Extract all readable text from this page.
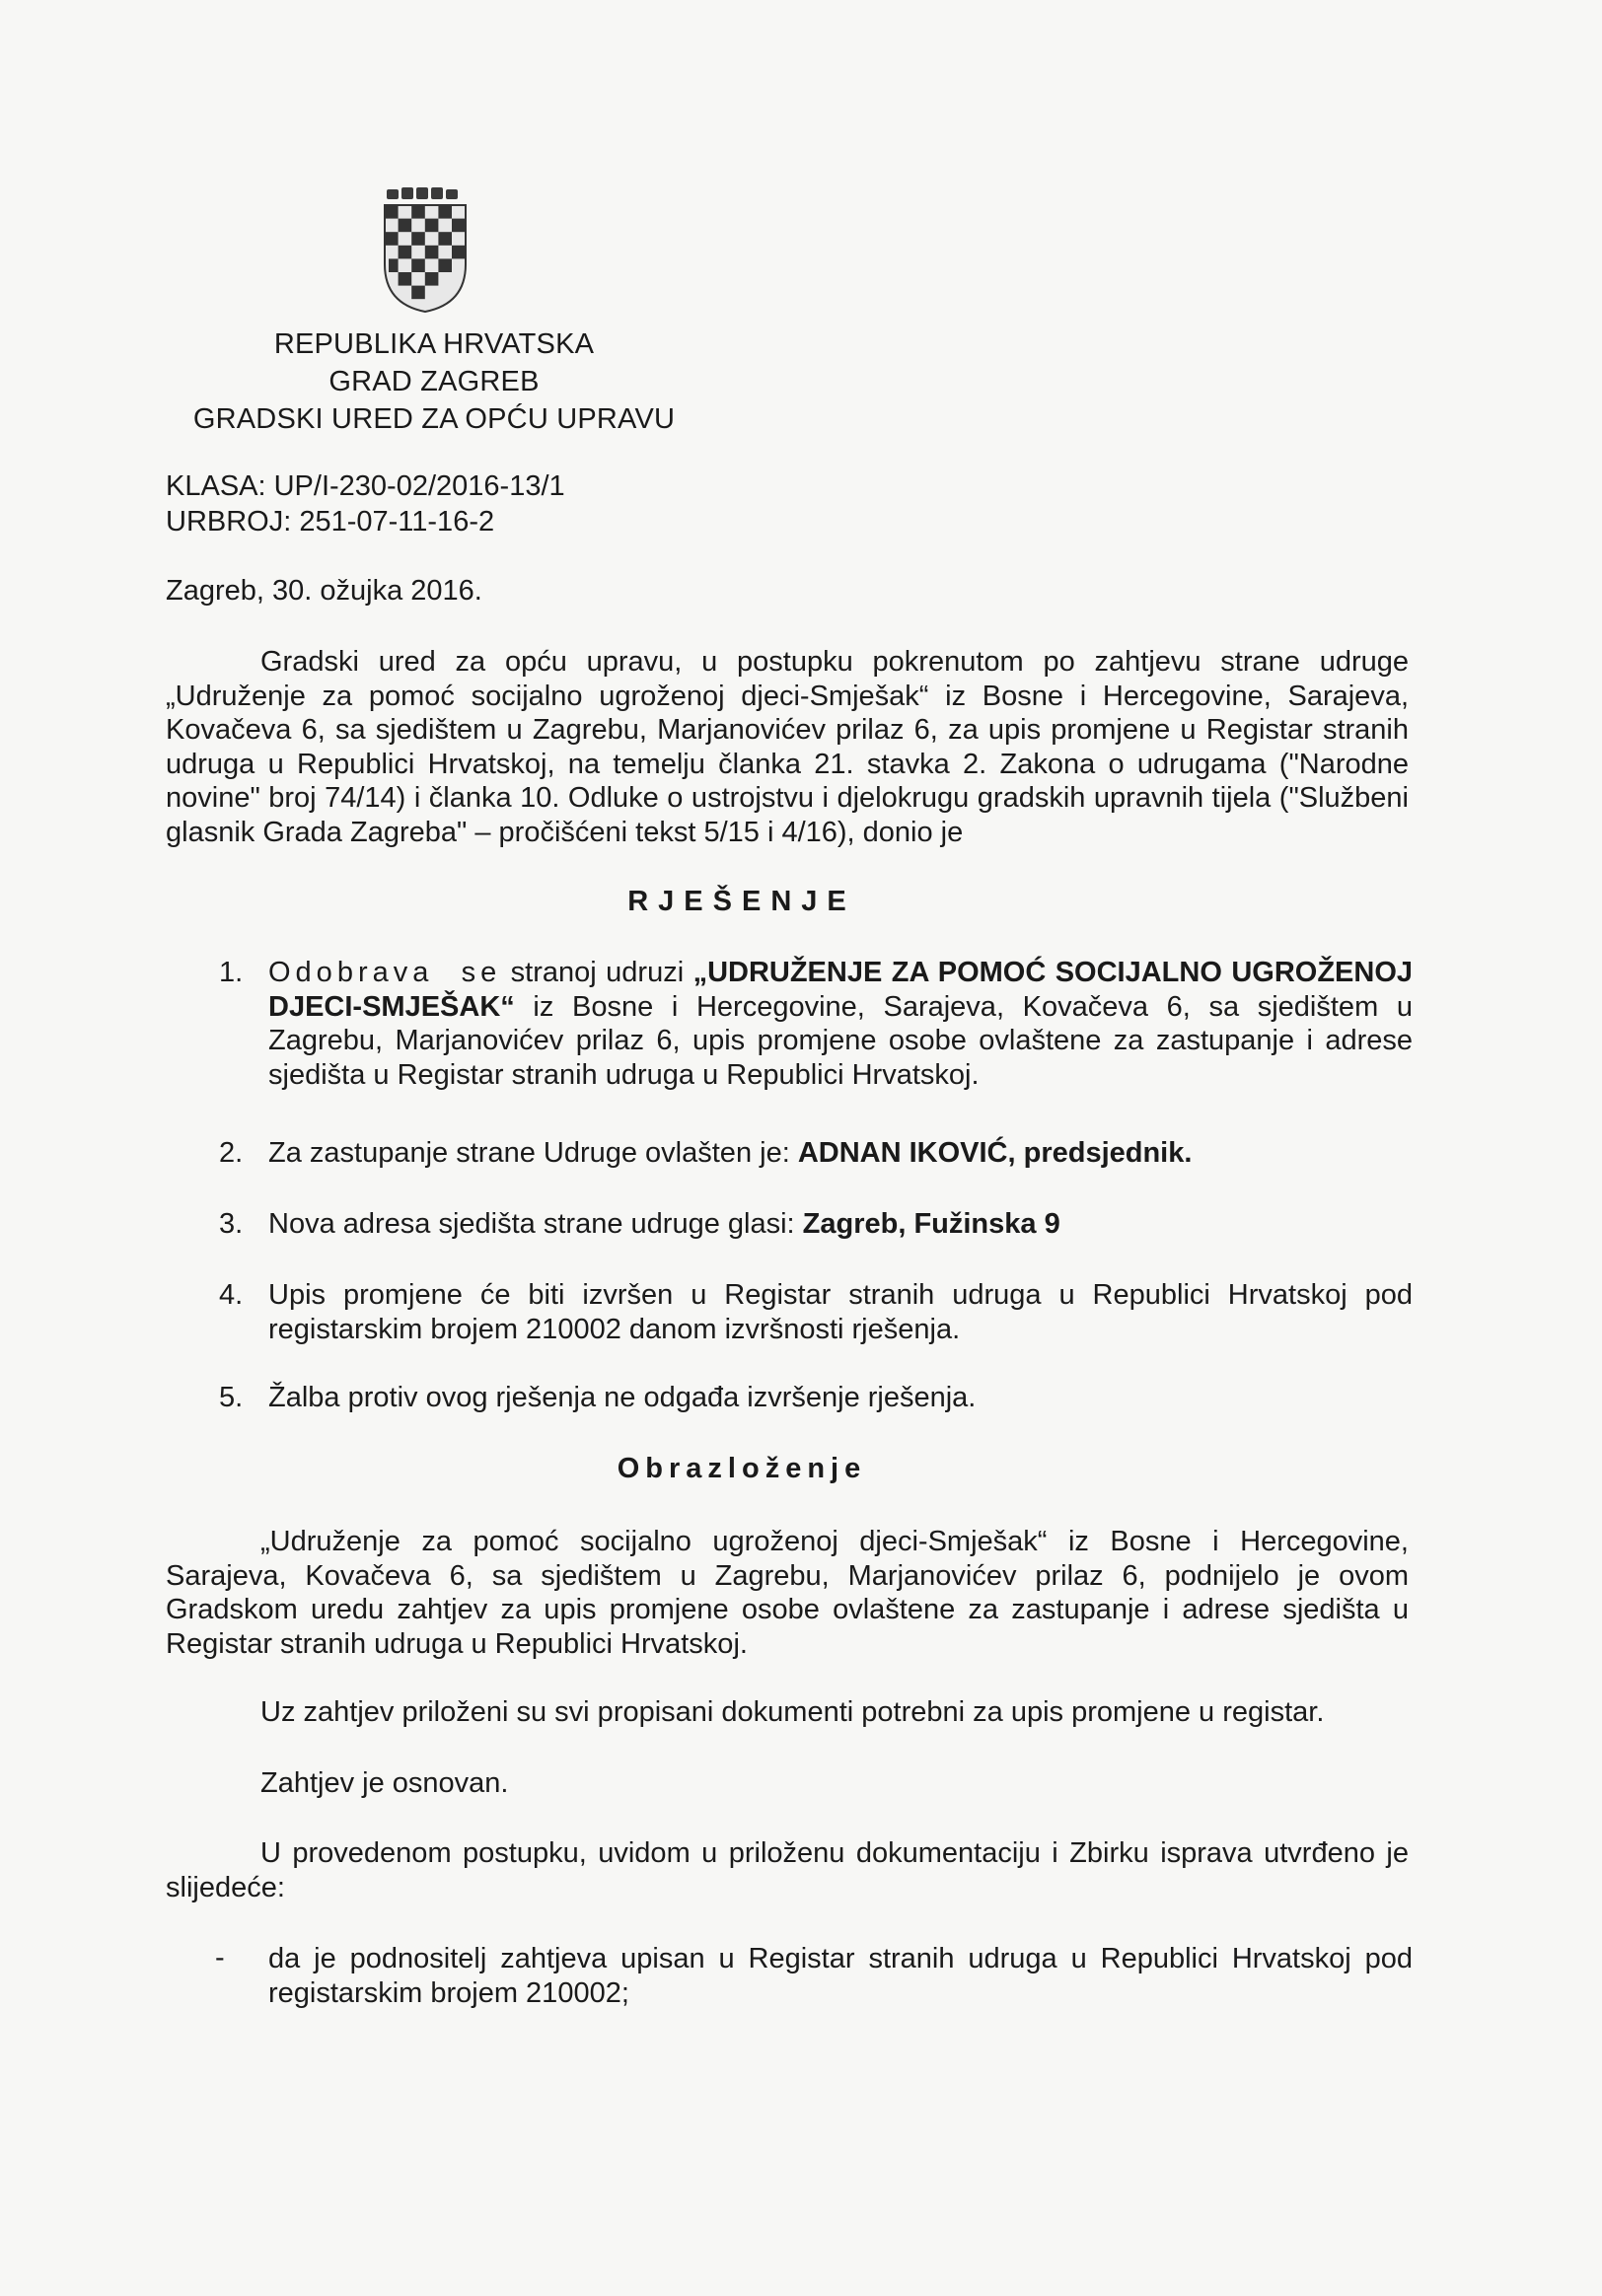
REPUBLIKA HRVATSKA
GRAD ZAGREB
GRADSKI URED ZA OPĆU UPRAVU
KLASA: UP/I-230-02/2016-13/1
URBROJ: 251-07-11-16-2
Zagreb, 30. ožujka 2016.
Gradski ured za opću upravu, u postupku pokrenutom po zahtjevu strane udruge „Udruženje za pomoć socijalno ugroženoj djeci-Smješak“ iz Bosne i Hercegovine, Sarajeva, Kovačeva 6, sa sjedištem u Zagrebu, Marjanovićev prilaz 6, za upis promjene u Registar stranih udruga u Republici Hrvatskoj, na temelju članka 21. stavka 2. Zakona o udrugama ("Narodne novine" broj 74/14) i članka 10. Odluke o ustrojstvu i djelokrugu gradskih upravnih tijela ("Službeni glasnik Grada Zagreba" – pročišćeni tekst 5/15 i 4/16), donio je
RJEŠENJE
1. Odobrava se stranoj udruzi „UDRUŽENJE ZA POMOĆ SOCIJALNO UGROŽENOJ DJECI-SMJEŠAK“ iz Bosne i Hercegovine, Sarajeva, Kovačeva 6, sa sjedištem u Zagrebu, Marjanovićev prilaz 6, upis promjene osobe ovlaštene za zastupanje i adrese sjedišta u Registar stranih udruga u Republici Hrvatskoj.
2. Za zastupanje strane Udruge ovlašten je: ADNAN IKOVIĆ, predsjednik.
3. Nova adresa sjedišta strane udruge glasi: Zagreb, Fužinska 9
4. Upis promjene će biti izvršen u Registar stranih udruga u Republici Hrvatskoj pod registarskim brojem 210002 danom izvršnosti rješenja.
5. Žalba protiv ovog rješenja ne odgađa izvršenje rješenja.
Obrazloženje
„Udruženje za pomoć socijalno ugroženoj djeci-Smješak“ iz Bosne i Hercegovine, Sarajeva, Kovačeva 6, sa sjedištem u Zagrebu, Marjanovićev prilaz 6, podnijelo je ovom Gradskom uredu zahtjev za upis promjene osobe ovlaštene za zastupanje i adrese sjedišta u Registar stranih udruga u Republici Hrvatskoj.
Uz zahtjev priloženi su svi propisani dokumenti potrebni za upis promjene u registar.
Zahtjev je osnovan.
U provedenom postupku, uvidom u priloženu dokumentaciju i Zbirku isprava utvrđeno je slijedeće:
- da je podnositelj zahtjeva upisan u Registar stranih udruga u Republici Hrvatskoj pod registarskim brojem 210002;
